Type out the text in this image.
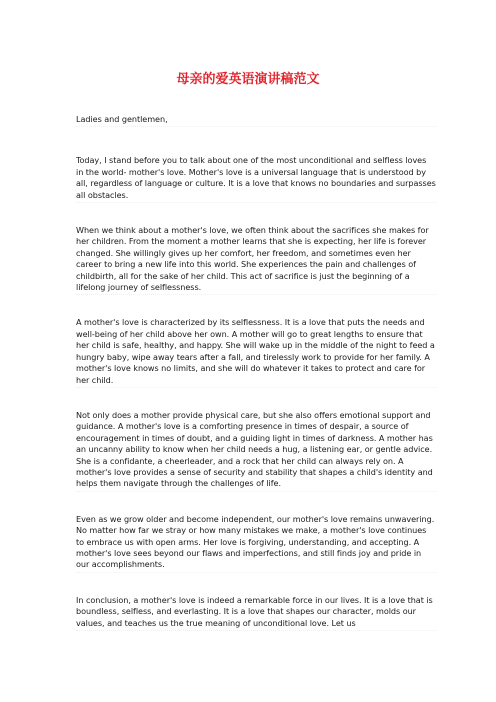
母亲的爱英语演讲稿范文

Ladies and gentlemen,

Today, I stand before you to talk about one of the most unconditional and selfless loves in the world- mother's love. Mother's love is a universal language that is understood by all, regardless of language or culture. It is a love that knows no boundaries and surpasses all obstacles.

When we think about a mother's love, we often think about the sacrifices she makes for her children. From the moment a mother learns that she is expecting, her life is forever changed. She willingly gives up her comfort, her freedom, and sometimes even her career to bring a new life into this world. She experiences the pain and challenges of childbirth, all for the sake of her child. This act of sacrifice is just the beginning of a lifelong journey of selflessness.

A mother's love is characterized by its selflessness. It is a love that puts the needs and well-being of her child above her own. A mother will go to great lengths to ensure that her child is safe, healthy, and happy. She will wake up in the middle of the night to feed a hungry baby, wipe away tears after a fall, and tirelessly work to provide for her family. A mother's love knows no limits, and she will do whatever it takes to protect and care for her child.

Not only does a mother provide physical care, but she also offers emotional support and guidance. A mother's love is a comforting presence in times of despair, a source of encouragement in times of doubt, and a guiding light in times of darkness. A mother has an uncanny ability to know when her child needs a hug, a listening ear, or gentle advice. She is a confidante, a cheerleader, and a rock that her child can always rely on. A mother's love provides a sense of security and stability that shapes a child's identity and helps them navigate through the challenges of life.

Even as we grow older and become independent, our mother's love remains unwavering. No matter how far we stray or how many mistakes we make, a mother's love continues to embrace us with open arms. Her love is forgiving, understanding, and accepting. A mother's love sees beyond our flaws and imperfections, and still finds joy and pride in our accomplishments.

In conclusion, a mother's love is indeed a remarkable force in our lives. It is a love that is boundless, selfless, and everlasting. It is a love that shapes our character, molds our values, and teaches us the true meaning of unconditional love. Let us
